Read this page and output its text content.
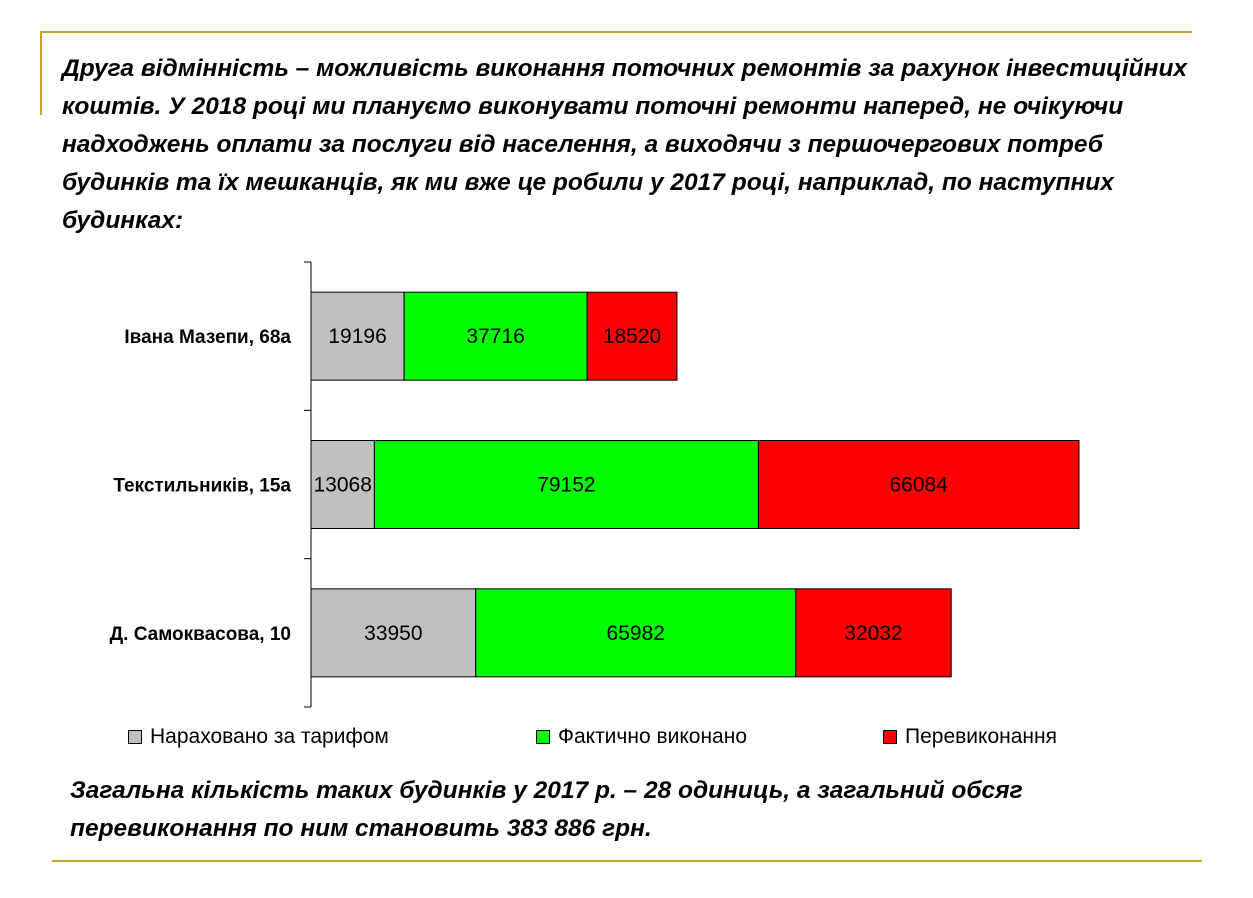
Друга відмінність – можливість виконання поточних ремонтів за рахунок інвестиційних коштів. У 2018 році ми плануємо виконувати поточні ремонти наперед, не очікуючи надходжень оплати за послуги від населення, а виходячи з першочергових потреб будинків та їх мешканців, як ми вже це робили у 2017 році, наприклад, по наступних будинках:

Івана Мазепи, 68а 19196	37716	18520
Текстильників, 15а 13068	79152	66084
Д. Самоквасова, 10	33950	65982	32032
Нараховано за тарифом	Фактично виконано	Перевиконання

Загальна кількість таких будинків у 2017 р. – 28 одиниць, а загальний обсяг перевиконання по ним становить 383 886 грн.
